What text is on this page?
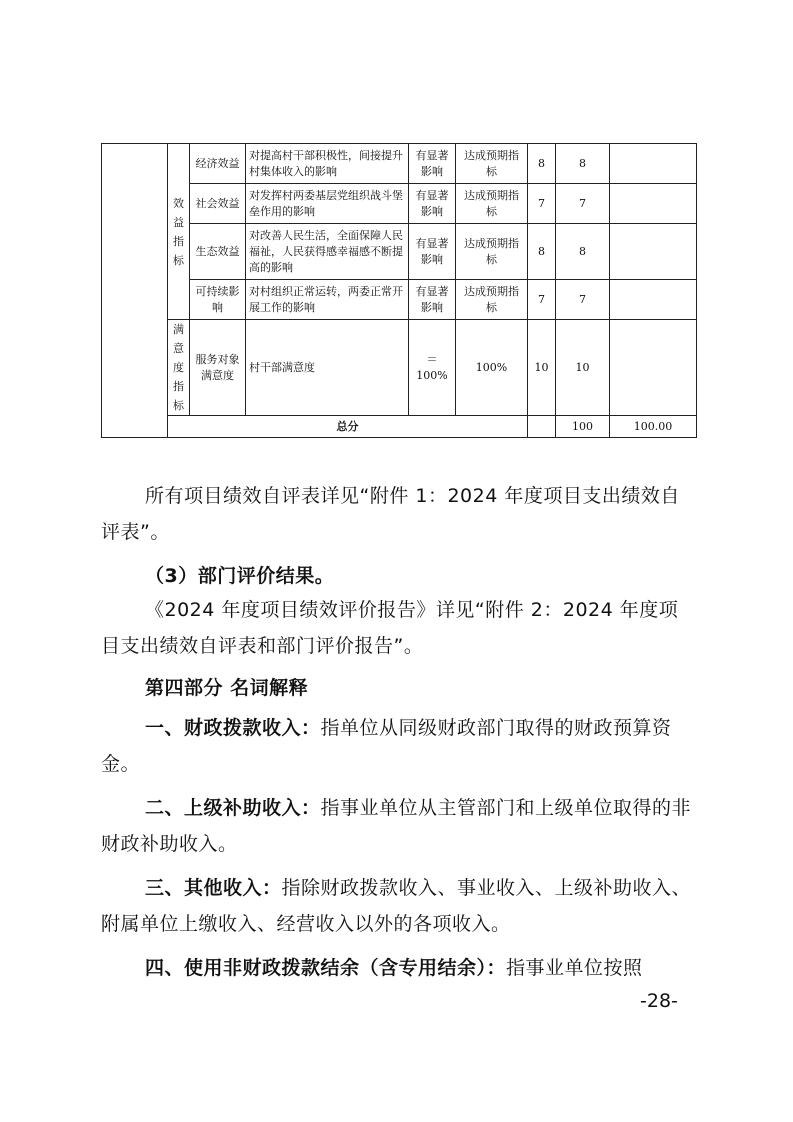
	效
益
指
标	经济效益	对提高村干部积极性，间接提升村集体收入的影响	有显著影响	达成预期指标	8	8		
		社会效益	对发挥村两委基层党组织战斗堡垒作用的影响	有显著影响	达成预期指标	7	7		
		生态效益	对改善人民生活，全面保障人民福祉，人民获得感幸福感不断提高的影响	有显著影响	达成预期指标	8	8		
		可持续影响	对村组织正常运转，两委正常开展工作的影响	有显著影响	达成预期指标	7	7		

	满
意
度
指
标	服务对象满意度	村干部满意度	＝100%	100%	10	10		
	总分						100	100.00	

所有项目绩效自评表详见“附件 1：2024 年度项目支出绩效自评表”。

（3）部门评价结果。

《2024 年度项目绩效评价报告》详见“附件 2：2024 年度项目支出绩效自评表和部门评价报告”。

第四部分 名词解释

一、财政拨款收入：指单位从同级财政部门取得的财政预算资金。

二、上级补助收入：指事业单位从主管部门和上级单位取得的非财政补助收入。

三、其他收入：指除财政拨款收入、事业收入、上级补助收入、附属单位上缴收入、经营收入以外的各项收入。

四、使用非财政拨款结余（含专用结余）：指事业单位按照

-28-
